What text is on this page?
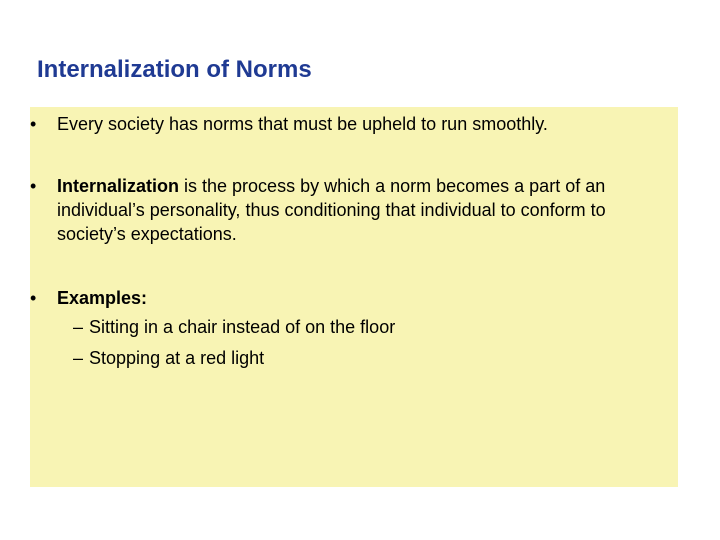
Internalization of Norms
• Every society has norms that must be upheld to run smoothly.
• Internalization is the process by which a norm becomes a part of an individual’s personality, thus conditioning that individual to conform to society’s expectations.
• Examples:
– Sitting in a chair instead of on the floor
– Stopping at a red light
